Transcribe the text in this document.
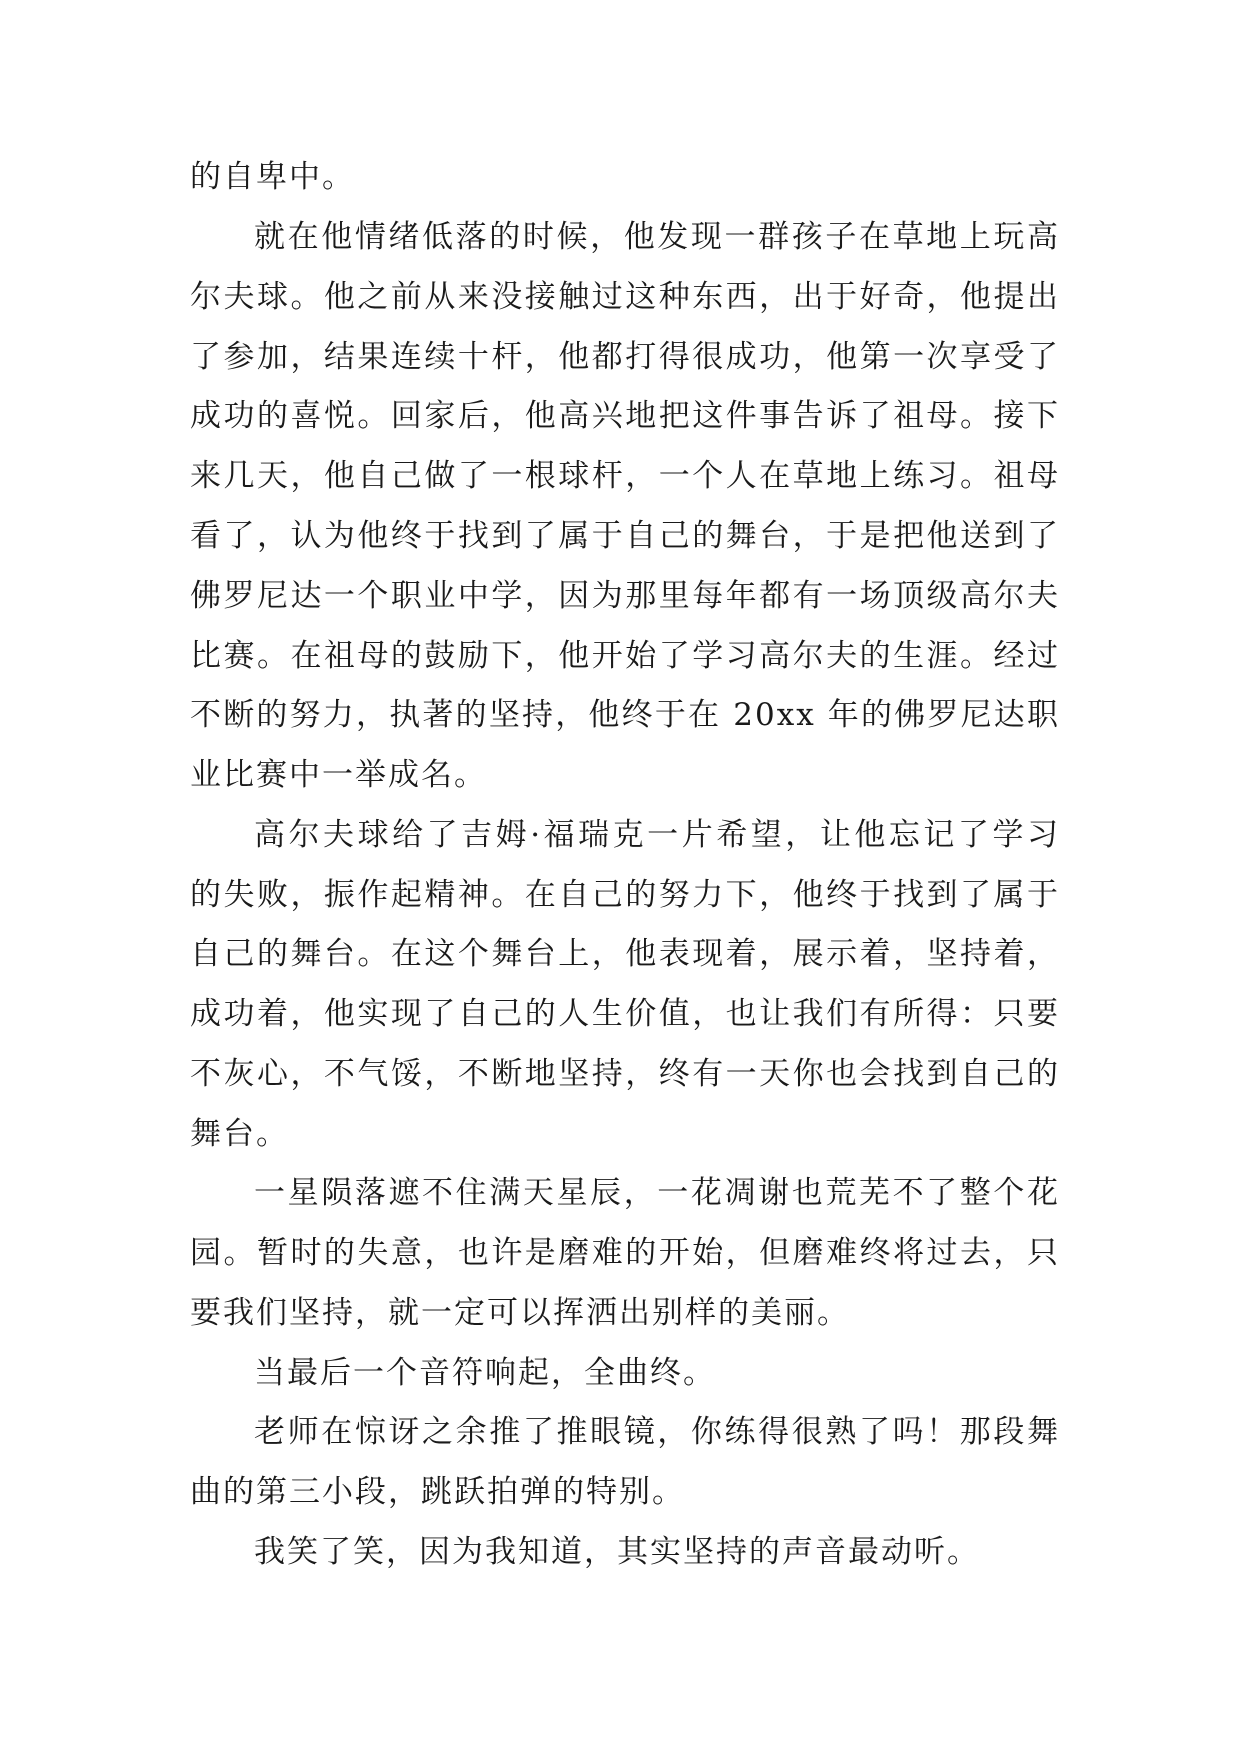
的自卑中。
就在他情绪低落的时候，他发现一群孩子在草地上玩高
尔夫球。他之前从来没接触过这种东西，出于好奇，他提出
了参加，结果连续十杆，他都打得很成功，他第一次享受了
成功的喜悦。回家后，他高兴地把这件事告诉了祖母。接下
来几天，他自己做了一根球杆，一个人在草地上练习。祖母
看了，认为他终于找到了属于自己的舞台，于是把他送到了
佛罗尼达一个职业中学，因为那里每年都有一场顶级高尔夫
比赛。在祖母的鼓励下，他开始了学习高尔夫的生涯。经过
不断的努力，执著的坚持，他终于在 20xx 年的佛罗尼达职
业比赛中一举成名。
高尔夫球给了吉姆·福瑞克一片希望，让他忘记了学习
的失败，振作起精神。在自己的努力下，他终于找到了属于
自己的舞台。在这个舞台上，他表现着，展示着，坚持着，
成功着，他实现了自己的人生价值，也让我们有所得：只要
不灰心，不气馁，不断地坚持，终有一天你也会找到自己的
舞台。
一星陨落遮不住满天星辰，一花凋谢也荒芜不了整个花
园。暂时的失意，也许是磨难的开始，但磨难终将过去，只
要我们坚持，就一定可以挥洒出别样的美丽。
当最后一个音符响起，全曲终。
老师在惊讶之余推了推眼镜，你练得很熟了吗！那段舞
曲的第三小段，跳跃拍弹的特别。
我笑了笑，因为我知道，其实坚持的声音最动听。
